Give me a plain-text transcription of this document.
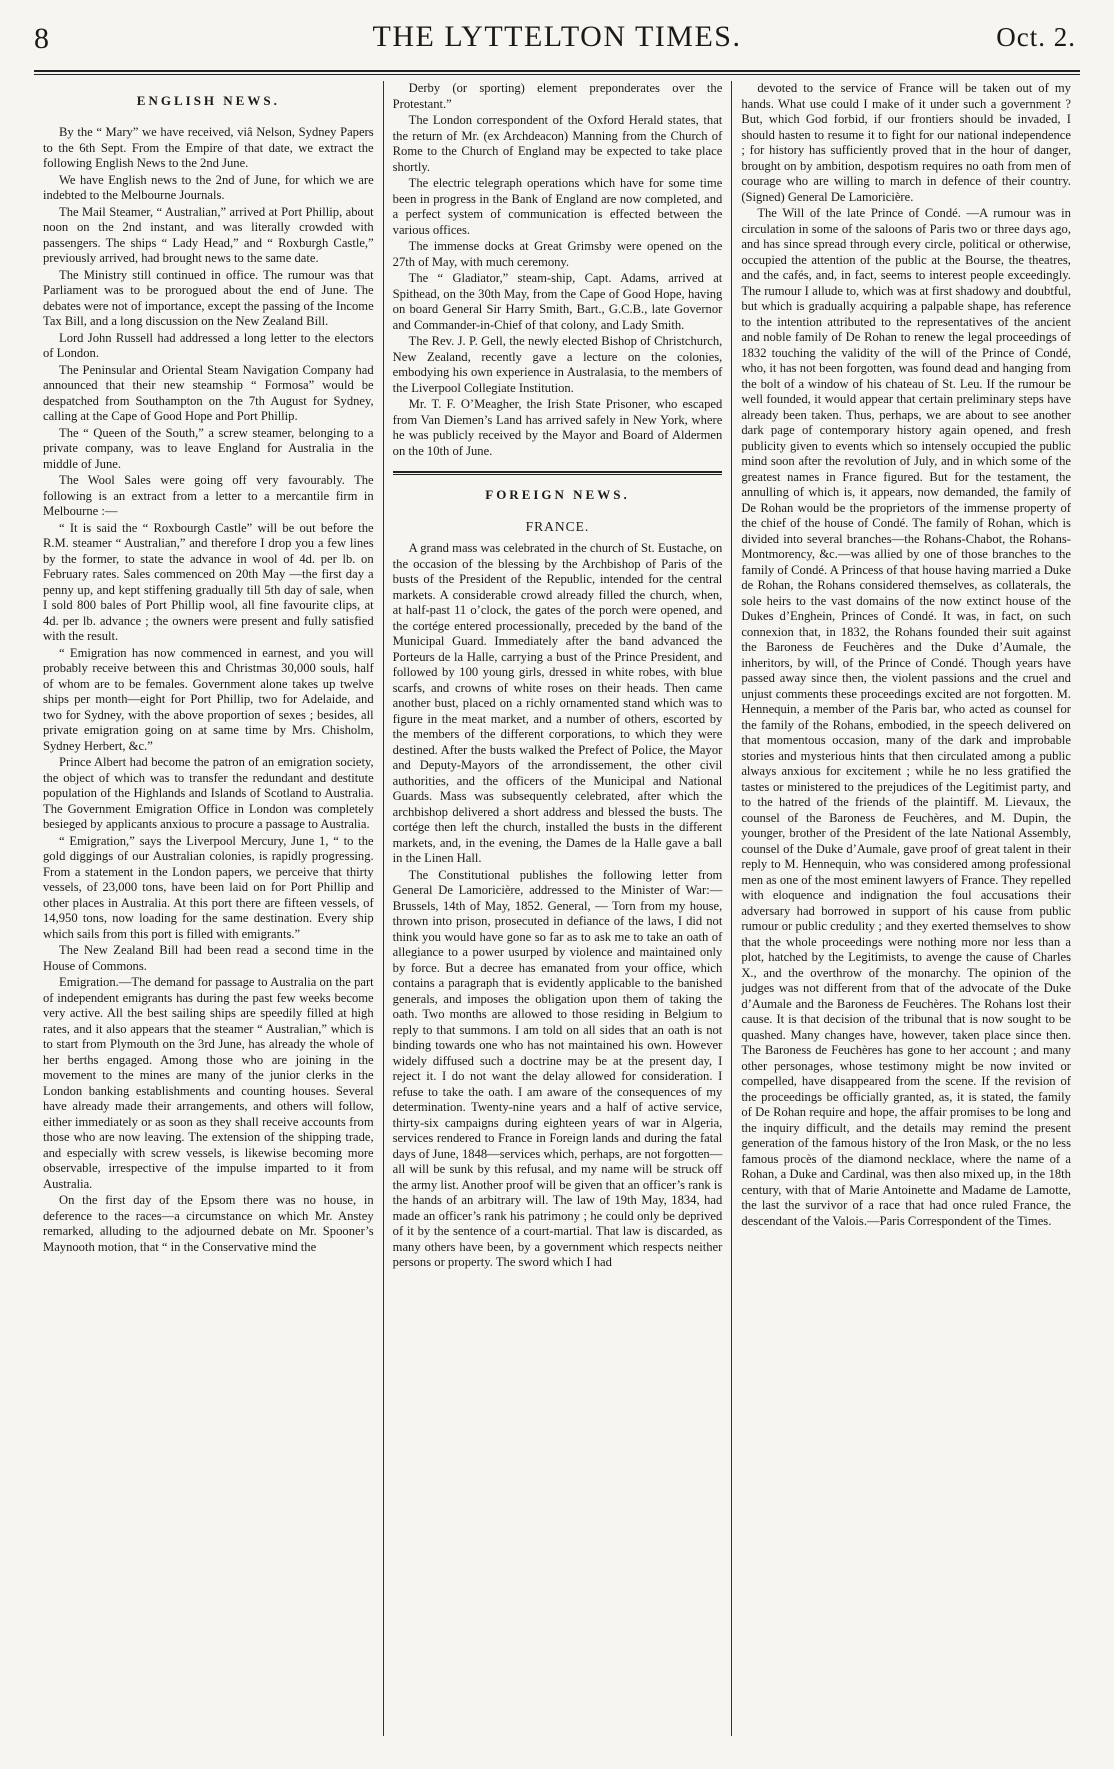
8	THE LYTTELTON TIMES.	Oct. 2.
ENGLISH NEWS.

By the “ Mary” we have received, viâ Nelson, Sydney Papers to the 6th Sept. From the Empire of that date, we extract the following English News to the 2nd June.

We have English news to the 2nd of June, for which we are indebted to the Melbourne Journals.

The Mail Steamer, “ Australian,” arrived at Port Phillip, about noon on the 2nd instant, and was literally crowded with passengers. The ships “ Lady Head,” and “ Roxburgh Castle,” previously arrived, had brought news to the same date.

The Ministry still continued in office. The rumour was that Parliament was to be prorogued about the end of June. The debates were not of importance, except the passing of the Income Tax Bill, and a long discussion on the New Zealand Bill.

Lord John Russell had addressed a long letter to the electors of London.

The Peninsular and Oriental Steam Navigation Company had announced that their new steamship “ Formosa” would be despatched from Southampton on the 7th August for Sydney, calling at the Cape of Good Hope and Port Phillip.

The “ Queen of the South,” a screw steamer, belonging to a private company, was to leave England for Australia in the middle of June.

The Wool Sales were going off very favourably. The following is an extract from a letter to a mercantile firm in Melbourne :—

“ It is said the “ Roxbourgh Castle” will be out before the R.M. steamer “ Australian,” and therefore I drop you a few lines by the former, to state the advance in wool of 4d. per lb. on February rates. Sales commenced on 20th May —the first day a penny up, and kept stiffening gradually till 5th day of sale, when I sold 800 bales of Port Phillip wool, all fine favourite clips, at 4d. per lb. advance ; the owners were present and fully satisfied with the result.

“ Emigration has now commenced in earnest, and you will probably receive between this and Christmas 30,000 souls, half of whom are to be females. Government alone takes up twelve ships per month—eight for Port Phillip, two for Adelaide, and two for Sydney, with the above proportion of sexes ; besides, all private emigration going on at same time by Mrs. Chisholm, Sydney Herbert, &c.”

Prince Albert had become the patron of an emigration society, the object of which was to transfer the redundant and destitute population of the Highlands and Islands of Scotland to Australia. The Government Emigration Office in London was completely besieged by applicants anxious to procure a passage to Australia.

“ Emigration,” says the Liverpool Mercury, June 1, “ to the gold diggings of our Australian colonies, is rapidly progressing. From a statement in the London papers, we perceive that thirty vessels, of 23,000 tons, have been laid on for Port Phillip and other places in Australia. At this port there are fifteen vessels, of 14,950 tons, now loading for the same destination. Every ship which sails from this port is filled with emigrants.”

The New Zealand Bill had been read a second time in the House of Commons.

Emigration.—The demand for passage to Australia on the part of independent emigrants has during the past few weeks become very active. All the best sailing ships are speedily filled at high rates, and it also appears that the steamer “ Australian,” which is to start from Plymouth on the 3rd June, has already the whole of her berths engaged. Among those who are joining in the movement to the mines are many of the junior clerks in the London banking establishments and counting houses. Several have already made their arrangements, and others will follow, either immediately or as soon as they shall receive accounts from those who are now leaving. The extension of the shipping trade, and especially with screw vessels, is likewise becoming more observable, irrespective of the impulse imparted to it from Australia.

On the first day of the Epsom there was no house, in deference to the races—a circumstance on which Mr. Anstey remarked, alluding to the adjourned debate on Mr. Spooner’s Maynooth motion, that “ in the Conservative mind the

Derby (or sporting) element preponderates over the Protestant.”

The London correspondent of the Oxford Herald states, that the return of Mr. (ex Archdeacon) Manning from the Church of Rome to the Church of England may be expected to take place shortly.

The electric telegraph operations which have for some time been in progress in the Bank of England are now completed, and a perfect system of communication is effected between the various offices.

The immense docks at Great Grimsby were opened on the 27th of May, with much ceremony.

The “ Gladiator,” steam-ship, Capt. Adams, arrived at Spithead, on the 30th May, from the Cape of Good Hope, having on board General Sir Harry Smith, Bart., G.C.B., late Governor and Commander-in-Chief of that colony, and Lady Smith.

The Rev. J. P. Gell, the newly elected Bishop of Christchurch, New Zealand, recently gave a lecture on the colonies, embodying his own experience in Australasia, to the members of the Liverpool Collegiate Institution.

Mr. T. F. O’Meagher, the Irish State Prisoner, who escaped from Van Diemen’s Land has arrived safely in New York, where he was publicly received by the Mayor and Board of Aldermen on the 10th of June.

FOREIGN NEWS.
FRANCE.

A grand mass was celebrated in the church of St. Eustache, on the occasion of the blessing by the Archbishop of Paris of the busts of the President of the Republic, intended for the central markets. A considerable crowd already filled the church, when, at half-past 11 o’clock, the gates of the porch were opened, and the cortége entered processionally, preceded by the band of the Municipal Guard. Immediately after the band advanced the Porteurs de la Halle, carrying a bust of the Prince President, and followed by 100 young girls, dressed in white robes, with blue scarfs, and crowns of white roses on their heads. Then came another bust, placed on a richly ornamented stand which was to figure in the meat market, and a number of others, escorted by the members of the different corporations, to which they were destined. After the busts walked the Prefect of Police, the Mayor and Deputy-Mayors of the arrondissement, the other civil authorities, and the officers of the Municipal and National Guards. Mass was subsequently celebrated, after which the archbishop delivered a short address and blessed the busts. The cortége then left the church, installed the busts in the different markets, and, in the evening, the Dames de la Halle gave a ball in the Linen Hall.

The Constitutional publishes the following letter from General De Lamoricière, addressed to the Minister of War:—Brussels, 14th of May, 1852. General, — Torn from my house, thrown into prison, prosecuted in defiance of the laws, I did not think you would have gone so far as to ask me to take an oath of allegiance to a power usurped by violence and maintained only by force. But a decree has emanated from your office, which contains a paragraph that is evidently applicable to the banished generals, and imposes the obligation upon them of taking the oath. Two months are allowed to those residing in Belgium to reply to that summons. I am told on all sides that an oath is not binding towards one who has not maintained his own. However widely diffused such a doctrine may be at the present day, I reject it. I do not want the delay allowed for consideration. I refuse to take the oath. I am aware of the consequences of my determination. Twenty-nine years and a half of active service, thirty-six campaigns during eighteen years of war in Algeria, services rendered to France in Foreign lands and during the fatal days of June, 1848—services which, perhaps, are not forgotten—all will be sunk by this refusal, and my name will be struck off the army list. Another proof will be given that an officer’s rank is the hands of an arbitrary will. The law of 19th May, 1834, had made an officer’s rank his patrimony ; he could only be deprived of it by the sentence of a court-martial. That law is discarded, as many others have been, by a government which respects neither persons or property. The sword which I had

devoted to the service of France will be taken out of my hands. What use could I make of it under such a government ? But, which God forbid, if our frontiers should be invaded, I should hasten to resume it to fight for our national independence ; for history has sufficiently proved that in the hour of danger, brought on by ambition, despotism requires no oath from men of courage who are willing to march in defence of their country. (Signed) General De Lamoricière.

The Will of the late Prince of Condé. —A rumour was in circulation in some of the saloons of Paris two or three days ago, and has since spread through every circle, political or otherwise, occupied the attention of the public at the Bourse, the theatres, and the cafés, and, in fact, seems to interest people exceedingly. The rumour I allude to, which was at first shadowy and doubtful, but which is gradually acquiring a palpable shape, has reference to the intention attributed to the representatives of the ancient and noble family of De Rohan to renew the legal proceedings of 1832 touching the validity of the will of the Prince of Condé, who, it has not been forgotten, was found dead and hanging from the bolt of a window of his chateau of St. Leu. If the rumour be well founded, it would appear that certain preliminary steps have already been taken. Thus, perhaps, we are about to see another dark page of contemporary history again opened, and fresh publicity given to events which so intensely occupied the public mind soon after the revolution of July, and in which some of the greatest names in France figured. But for the testament, the annulling of which is, it appears, now demanded, the family of De Rohan would be the proprietors of the immense property of the chief of the house of Condé. The family of Rohan, which is divided into several branches—the Rohans-Chabot, the Rohans-Montmorency, &c.—was allied by one of those branches to the family of Condé. A Princess of that house having married a Duke de Rohan, the Rohans considered themselves, as collaterals, the sole heirs to the vast domains of the now extinct house of the Dukes d’Enghein, Princes of Condé. It was, in fact, on such connexion that, in 1832, the Rohans founded their suit against the Baroness de Feuchères and the Duke d’Aumale, the inheritors, by will, of the Prince of Condé. Though years have passed away since then, the violent passions and the cruel and unjust comments these proceedings excited are not forgotten. M. Hennequin, a member of the Paris bar, who acted as counsel for the family of the Rohans, embodied, in the speech delivered on that momentous occasion, many of the dark and improbable stories and mysterious hints that then circulated among a public always anxious for excitement ; while he no less gratified the tastes or ministered to the prejudices of the Legitimist party, and to the hatred of the friends of the plaintiff. M. Lievaux, the counsel of the Baroness de Feuchères, and M. Dupin, the younger, brother of the President of the late National Assembly, counsel of the Duke d’Aumale, gave proof of great talent in their reply to M. Hennequin, who was considered among professional men as one of the most eminent lawyers of France. They repelled with eloquence and indignation the foul accusations their adversary had borrowed in support of his cause from public rumour or public credulity ; and they exerted themselves to show that the whole proceedings were nothing more nor less than a plot, hatched by the Legitimists, to avenge the cause of Charles X., and the overthrow of the monarchy. The opinion of the judges was not different from that of the advocate of the Duke d’Aumale and the Baroness de Feuchères. The Rohans lost their cause. It is that decision of the tribunal that is now sought to be quashed. Many changes have, however, taken place since then. The Baroness de Feuchères has gone to her account ; and many other personages, whose testimony might be now invited or compelled, have disappeared from the scene. If the revision of the proceedings be officially granted, as, it is stated, the family of De Rohan require and hope, the affair promises to be long and the inquiry difficult, and the details may remind the present generation of the famous history of the Iron Mask, or the no less famous procès of the diamond necklace, where the name of a Rohan, a Duke and Cardinal, was then also mixed up, in the 18th century, with that of Marie Antoinette and Madame de Lamotte, the last the survivor of a race that had once ruled France, the descendant of the Valois.—Paris Correspondent of the Times.
